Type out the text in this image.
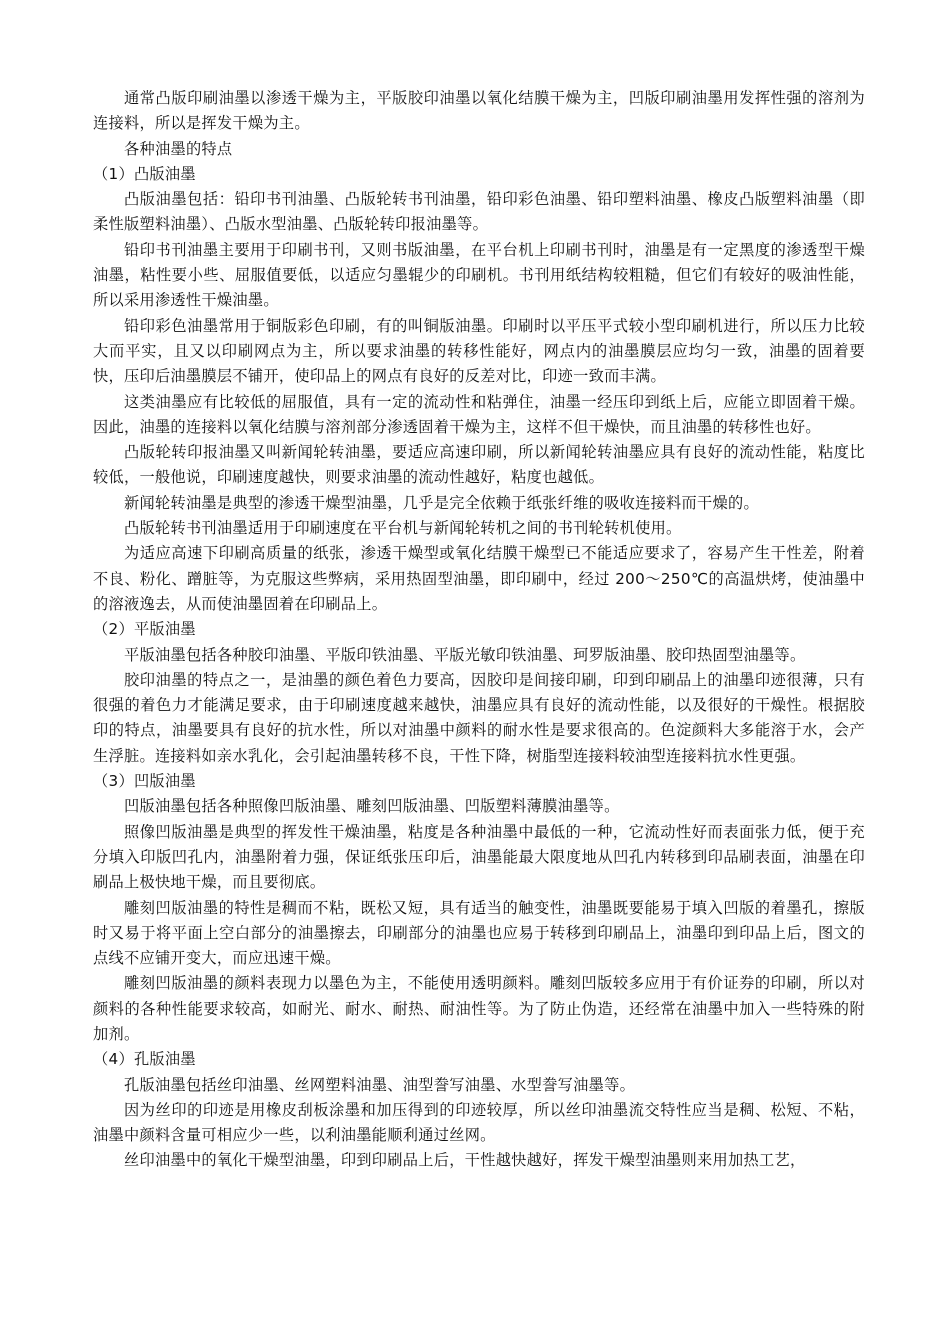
通常凸版印刷油墨以渗透干燥为主，平版胶印油墨以氧化结膜干燥为主，凹版印刷油墨用发挥性强的溶剂为连接料，所以是挥发干燥为主。

各种油墨的特点

（1）凸版油墨

凸版油墨包括：铅印书刊油墨、凸版轮转书刊油墨，铅印彩色油墨、铅印塑料油墨、橡皮凸版塑料油墨（即柔性版塑料油墨）、凸版水型油墨、凸版轮转印报油墨等。

铅印书刊油墨主要用于印刷书刊，又则书版油墨，在平台机上印刷书刊时，油墨是有一定黑度的渗透型干燥油墨，粘性要小些、屈服值要低，以适应匀墨辊少的印刷机。书刊用纸结构较粗糙，但它们有较好的吸油性能，所以采用渗透性干燥油墨。

铅印彩色油墨常用于铜版彩色印刷，有的叫铜版油墨。印刷时以平压平式较小型印刷机进行，所以压力比较大而平实，且又以印刷网点为主，所以要求油墨的转移性能好，网点内的油墨膜层应均匀一致，油墨的固着要快，压印后油墨膜层不铺开，使印品上的网点有良好的反差对比，印迹一致而丰满。

这类油墨应有比较低的屈服值，具有一定的流动性和粘弹住，油墨一经压印到纸上后，应能立即固着干燥。因此，油墨的连接料以氧化结膜与溶剂部分渗透固着干燥为主，这样不但干燥快，而且油墨的转移性也好。

凸版轮转印报油墨又叫新闻轮转油墨，要适应高速印刷，所以新闻轮转油墨应具有良好的流动性能，粘度比较低，一般他说，印刷速度越快，则要求油墨的流动性越好，粘度也越低。

新闻轮转油墨是典型的渗透干燥型油墨，几乎是完全依赖于纸张纤维的吸收连接料而干燥的。

凸版轮转书刊油墨适用于印刷速度在平台机与新闻轮转机之间的书刊轮转机使用。

为适应高速下印刷高质量的纸张，渗透干燥型或氧化结膜干燥型已不能适应要求了，容易产生干性差，附着不良、粉化、蹭脏等，为克服这些弊病，采用热固型油墨，即印刷中，经过 200～250℃的高温烘烤，使油墨中的溶液逸去，从而使油墨固着在印刷品上。

（2）平版油墨

平版油墨包括各种胶印油墨、平版印铁油墨、平版光敏印铁油墨、珂罗版油墨、胶印热固型油墨等。

胶印油墨的特点之一，是油墨的颜色着色力要高，因胶印是间接印刷，印到印刷品上的油墨印迹很薄，只有很强的着色力才能满足要求，由于印刷速度越来越快，油墨应具有良好的流动性能，以及很好的干燥性。根据胶印的特点，油墨要具有良好的抗水性，所以对油墨中颜料的耐水性是要求很高的。色淀颜料大多能溶于水，会产生浮脏。连接料如亲水乳化，会引起油墨转移不良，干性下降，树脂型连接料较油型连接料抗水性更强。

（3）凹版油墨

凹版油墨包括各种照像凹版油墨、雕刻凹版油墨、凹版塑料薄膜油墨等。

照像凹版油墨是典型的挥发性干燥油墨，粘度是各种油墨中最低的一种，它流动性好而表面张力低，便于充分填入印版凹孔内，油墨附着力强，保证纸张压印后，油墨能最大限度地从凹孔内转移到印品刷表面，油墨在印刷品上极快地干燥，而且要彻底。

雕刻凹版油墨的特性是稠而不粘，既松又短，具有适当的触变性，油墨既要能易于填入凹版的着墨孔，擦版时又易于将平面上空白部分的油墨擦去，印刷部分的油墨也应易于转移到印刷品上，油墨印到印品上后，图文的点线不应铺开变大，而应迅速干燥。

雕刻凹版油墨的颜料表现力以墨色为主，不能使用透明颜料。雕刻凹版较多应用于有价证券的印刷，所以对颜料的各种性能要求较高，如耐光、耐水、耐热、耐油性等。为了防止伪造，还经常在油墨中加入一些特殊的附加剂。

（4）孔版油墨

孔版油墨包括丝印油墨、丝网塑料油墨、油型誊写油墨、水型誊写油墨等。

因为丝印的印迹是用橡皮刮板涂墨和加压得到的印迹较厚，所以丝印油墨流交特性应当是稠、松短、不粘，油墨中颜料含量可相应少一些，以利油墨能顺利通过丝网。

丝印油墨中的氧化干燥型油墨，印到印刷品上后，干性越快越好，挥发干燥型油墨则来用加热工艺，
